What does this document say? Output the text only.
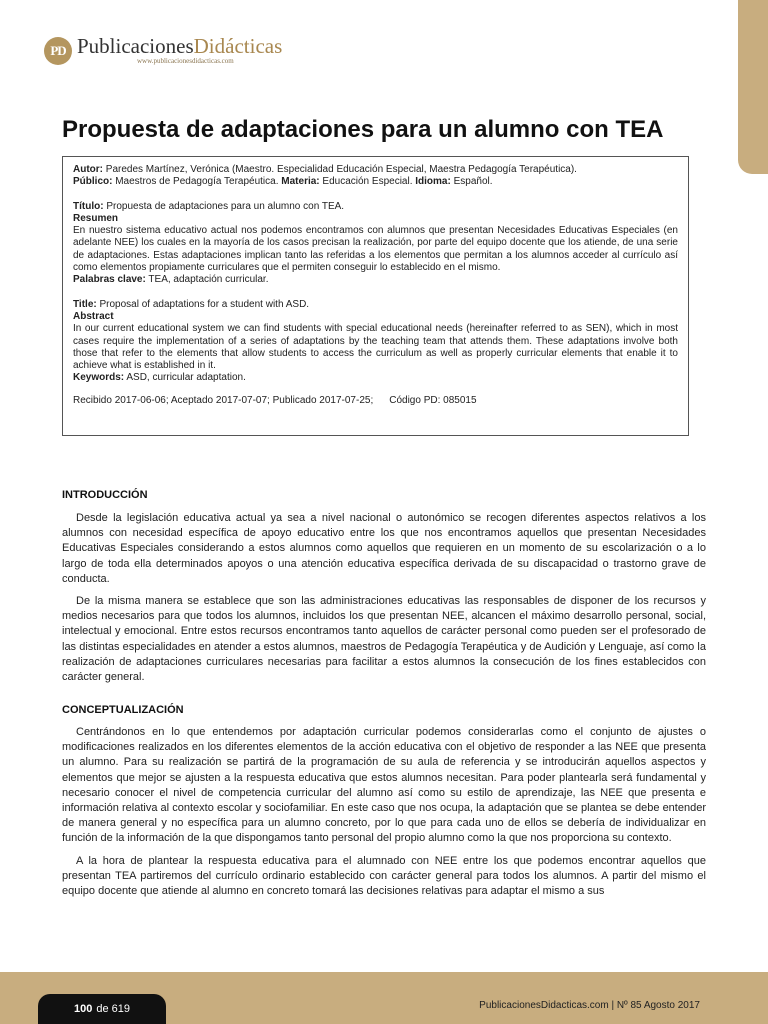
PD PublicacionesDidácticas
www.publicacionesdidacticas.com
Propuesta de adaptaciones para un alumno con TEA

Autor: Paredes Martínez, Verónica (Maestro. Especialidad Educación Especial, Maestra Pedagogía Terapéutica).

Público: Maestros de Pedagogía Terapéutica. Materia: Educación Especial. Idioma: Español.

Título: Propuesta de adaptaciones para un alumno con TEA.

Resumen

En nuestro sistema educativo actual nos podemos encontramos con alumnos que presentan Necesidades Educativas Especiales (en adelante NEE) los cuales en la mayoría de los casos precisan la realización, por parte del equipo docente que los atiende, de una serie de adaptaciones. Estas adaptaciones implican tanto las referidas a los elementos que permitan a los alumnos acceder al currículo así como elementos propiamente curriculares que el permiten conseguir lo establecido en el mismo.

Palabras clave: TEA, adaptación curricular.

Title: Proposal of adaptations for a student with ASD.

Abstract

In our current educational system we can find students with special educational needs (hereinafter referred to as SEN), which in most cases require the implementation of a series of adaptations by the teaching team that attends them. These adaptations involve both those that refer to the elements that allow students to access the curriculum as well as properly curricular elements that enable it to achieve what is established in it.

Keywords: ASD, curricular adaptation.

Recibido 2017-06-06; Aceptado 2017-07-07; Publicado 2017-07-25; Código PD: 085015

INTRODUCCIÓN

Desde la legislación educativa actual ya sea a nivel nacional o autonómico se recogen diferentes aspectos relativos a los alumnos con necesidad específica de apoyo educativo entre los que nos encontramos aquellos que presentan Necesidades Educativas Especiales considerando a estos alumnos como aquellos que requieren en un momento de su escolarización o a lo largo de toda ella determinados apoyos o una atención educativa específica derivada de su discapacidad o trastorno grave de conducta.

De la misma manera se establece que son las administraciones educativas las responsables de disponer de los recursos y medios necesarios para que todos los alumnos, incluidos los que presentan NEE, alcancen el máximo desarrollo personal, social, intelectual y emocional. Entre estos recursos encontramos tanto aquellos de carácter personal como pueden ser el profesorado de las distintas especialidades en atender a estos alumnos, maestros de Pedagogía Terapéutica y de Audición y Lenguaje, así como la realización de adaptaciones curriculares necesarias para facilitar a estos alumnos la consecución de los fines establecidos con carácter general.

CONCEPTUALIZACIÓN

Centrándonos en lo que entendemos por adaptación curricular podemos considerarlas como el conjunto de ajustes o modificaciones realizados en los diferentes elementos de la acción educativa con el objetivo de responder a las NEE que presenta un alumno. Para su realización se partirá de la programación de su aula de referencia y se introducirán aquellos aspectos y elementos que mejor se ajusten a la respuesta educativa que estos alumnos necesitan. Para poder plantearla será fundamental y necesario conocer el nivel de competencia curricular del alumno así como su estilo de aprendizaje, las NEE que presenta e información relativa al contexto escolar y sociofamiliar. En este caso que nos ocupa, la adaptación que se plantea se debe entender de manera general y no específica para un alumno concreto, por lo que para cada uno de ellos se debería de individualizar en función de la información de la que dispongamos tanto personal del propio alumno como la que nos proporciona su contexto.

A la hora de plantear la respuesta educativa para el alumnado con NEE entre los que podemos encontrar aquellos que presentan TEA partiremos del currículo ordinario establecido con carácter general para todos los alumnos. A partir del mismo el equipo docente que atiende al alumno en concreto tomará las decisiones relativas para adaptar el mismo a sus

100 de 619	PublicacionesDidacticas.com | Nº 85 Agosto 2017
